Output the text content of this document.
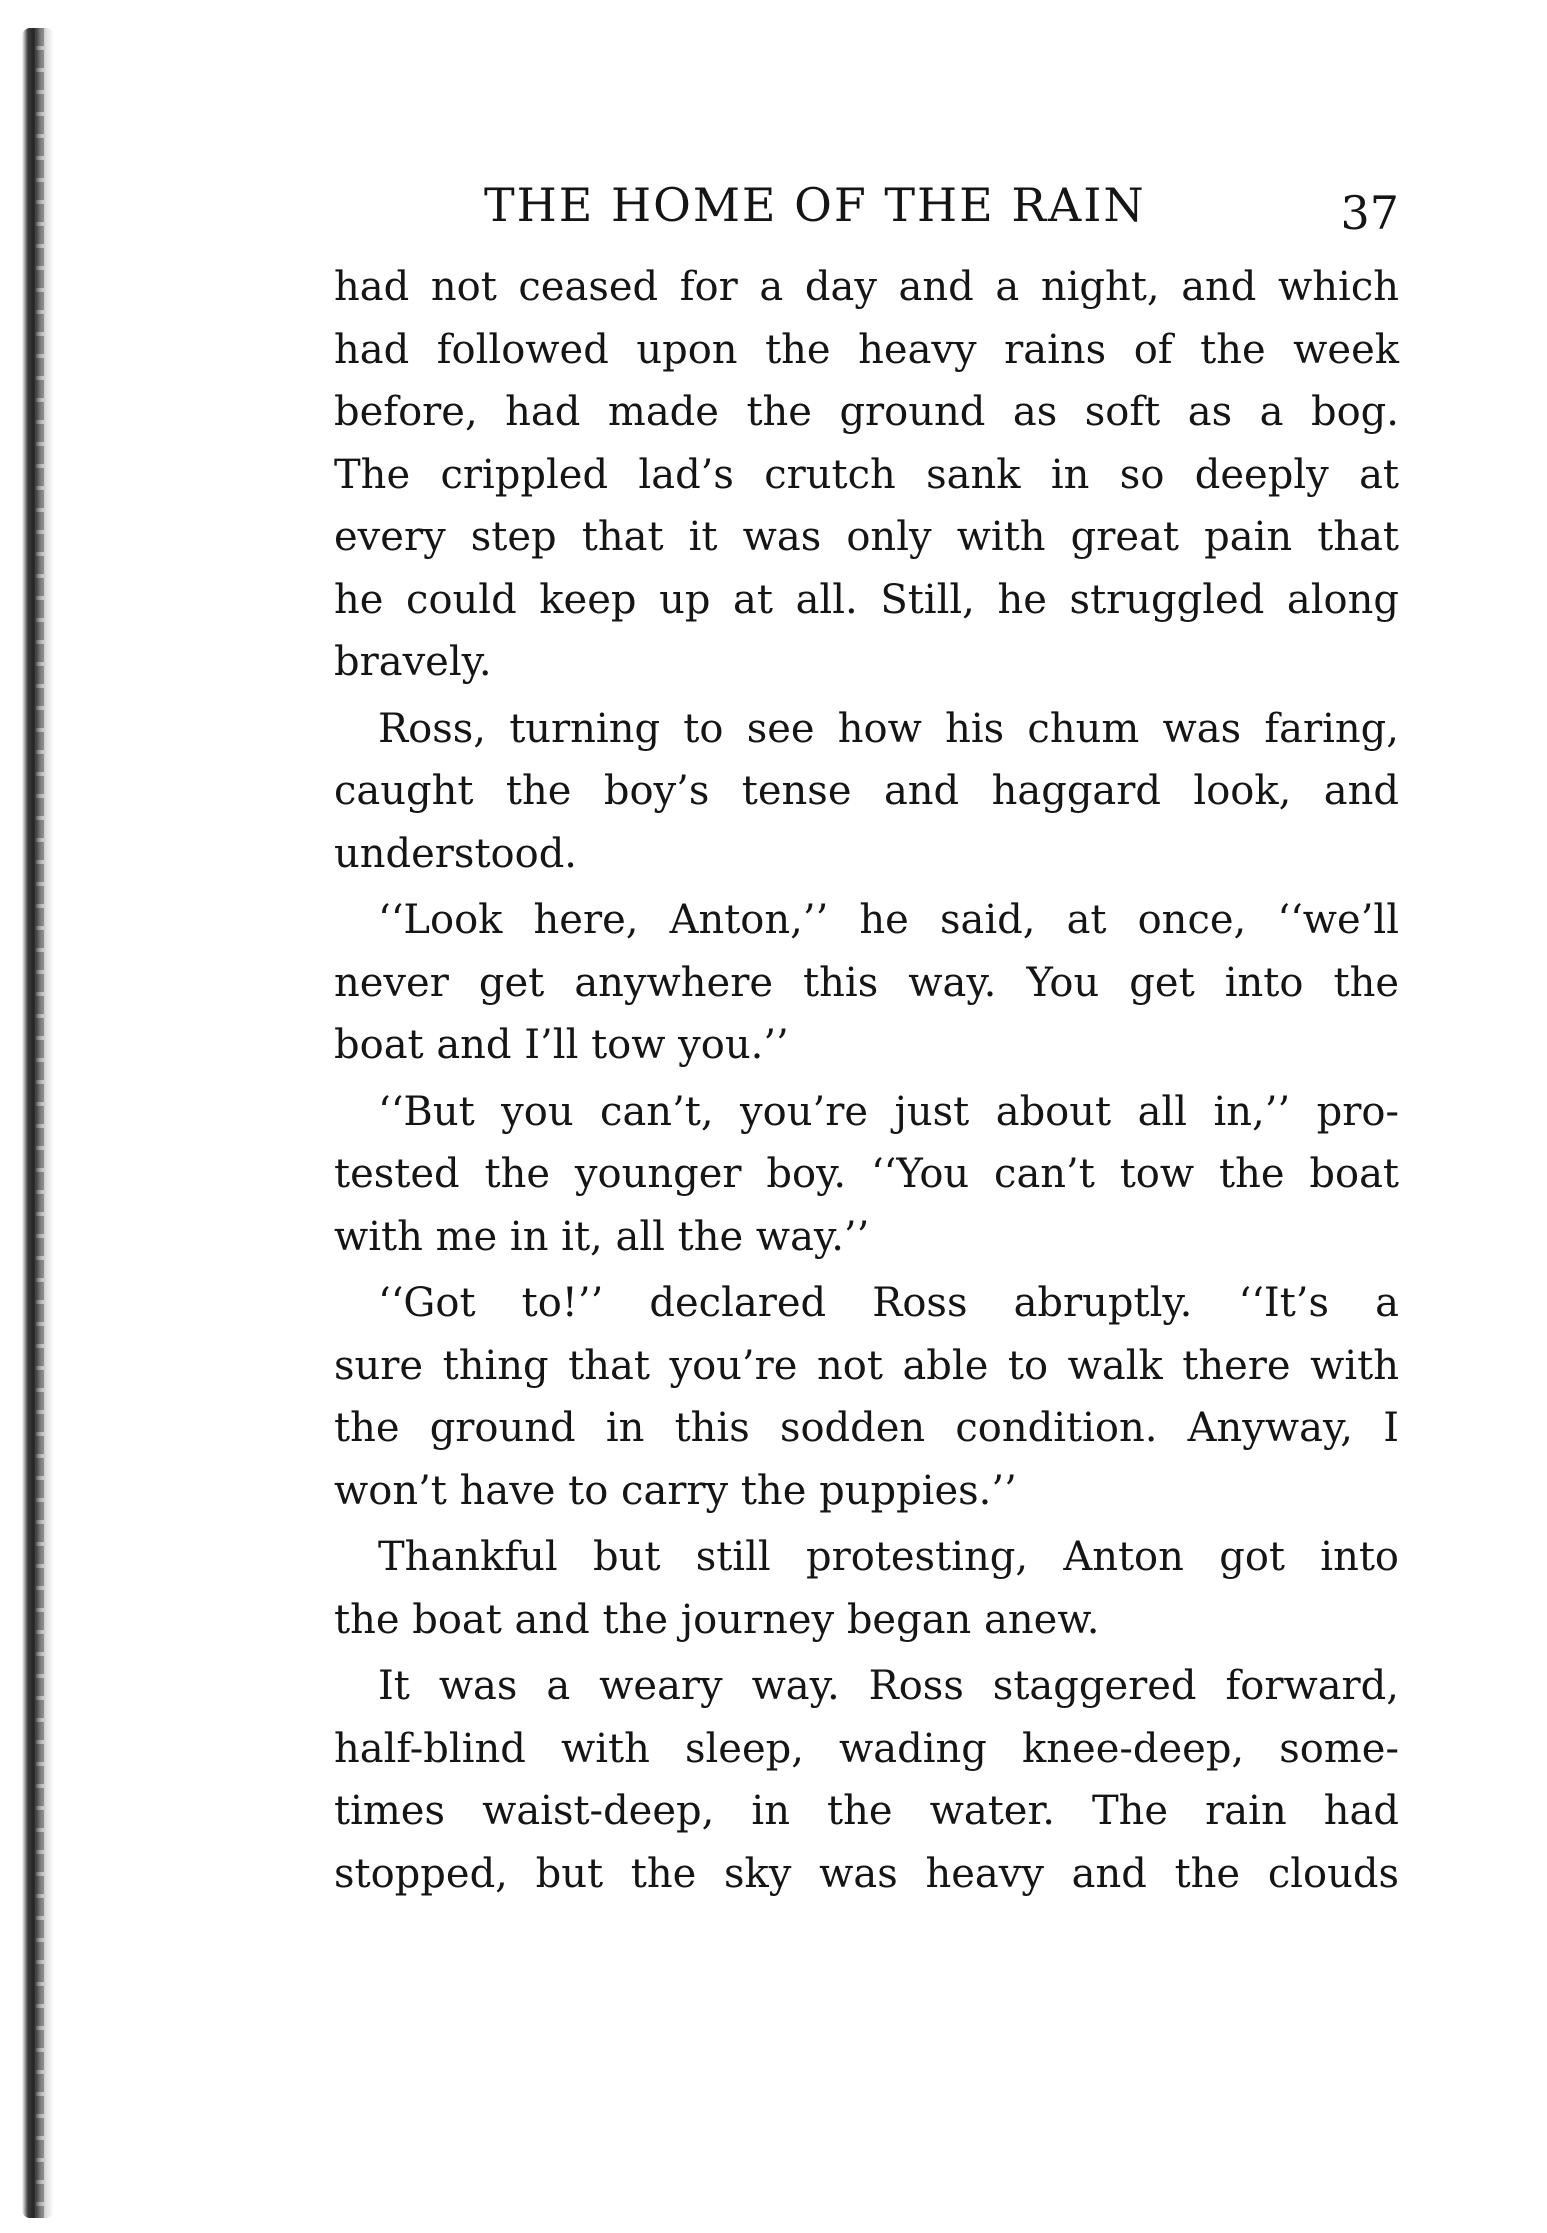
THE HOME OF THE RAIN	37
had not ceased for a day and a night, and which
had followed upon the heavy rains of the week
before, had made the ground as soft as a bog.
The crippled lad’s crutch sank in so deeply at
every step that it was only with great pain that
he could keep up at all. Still, he struggled along
bravely.
Ross, turning to see how his chum was faring,
caught the boy’s tense and haggard look, and
understood.
‘‘Look here, Anton,’’ he said, at once, ‘‘we’ll
never get anywhere this way. You get into the
boat and I’ll tow you.’’
‘‘But you can’t, you’re just about all in,’’ pro-
tested the younger boy. ‘‘You can’t tow the boat
with me in it, all the way.’’
‘‘Got to!’’ declared Ross abruptly. ‘‘It’s a
sure thing that you’re not able to walk there with
the ground in this sodden condition. Anyway, I
won’t have to carry the puppies.’’
Thankful but still protesting, Anton got into
the boat and the journey began anew.
It was a weary way. Ross staggered forward,
half-blind with sleep, wading knee-deep, some-
times waist-deep, in the water. The rain had
stopped, but the sky was heavy and the clouds
